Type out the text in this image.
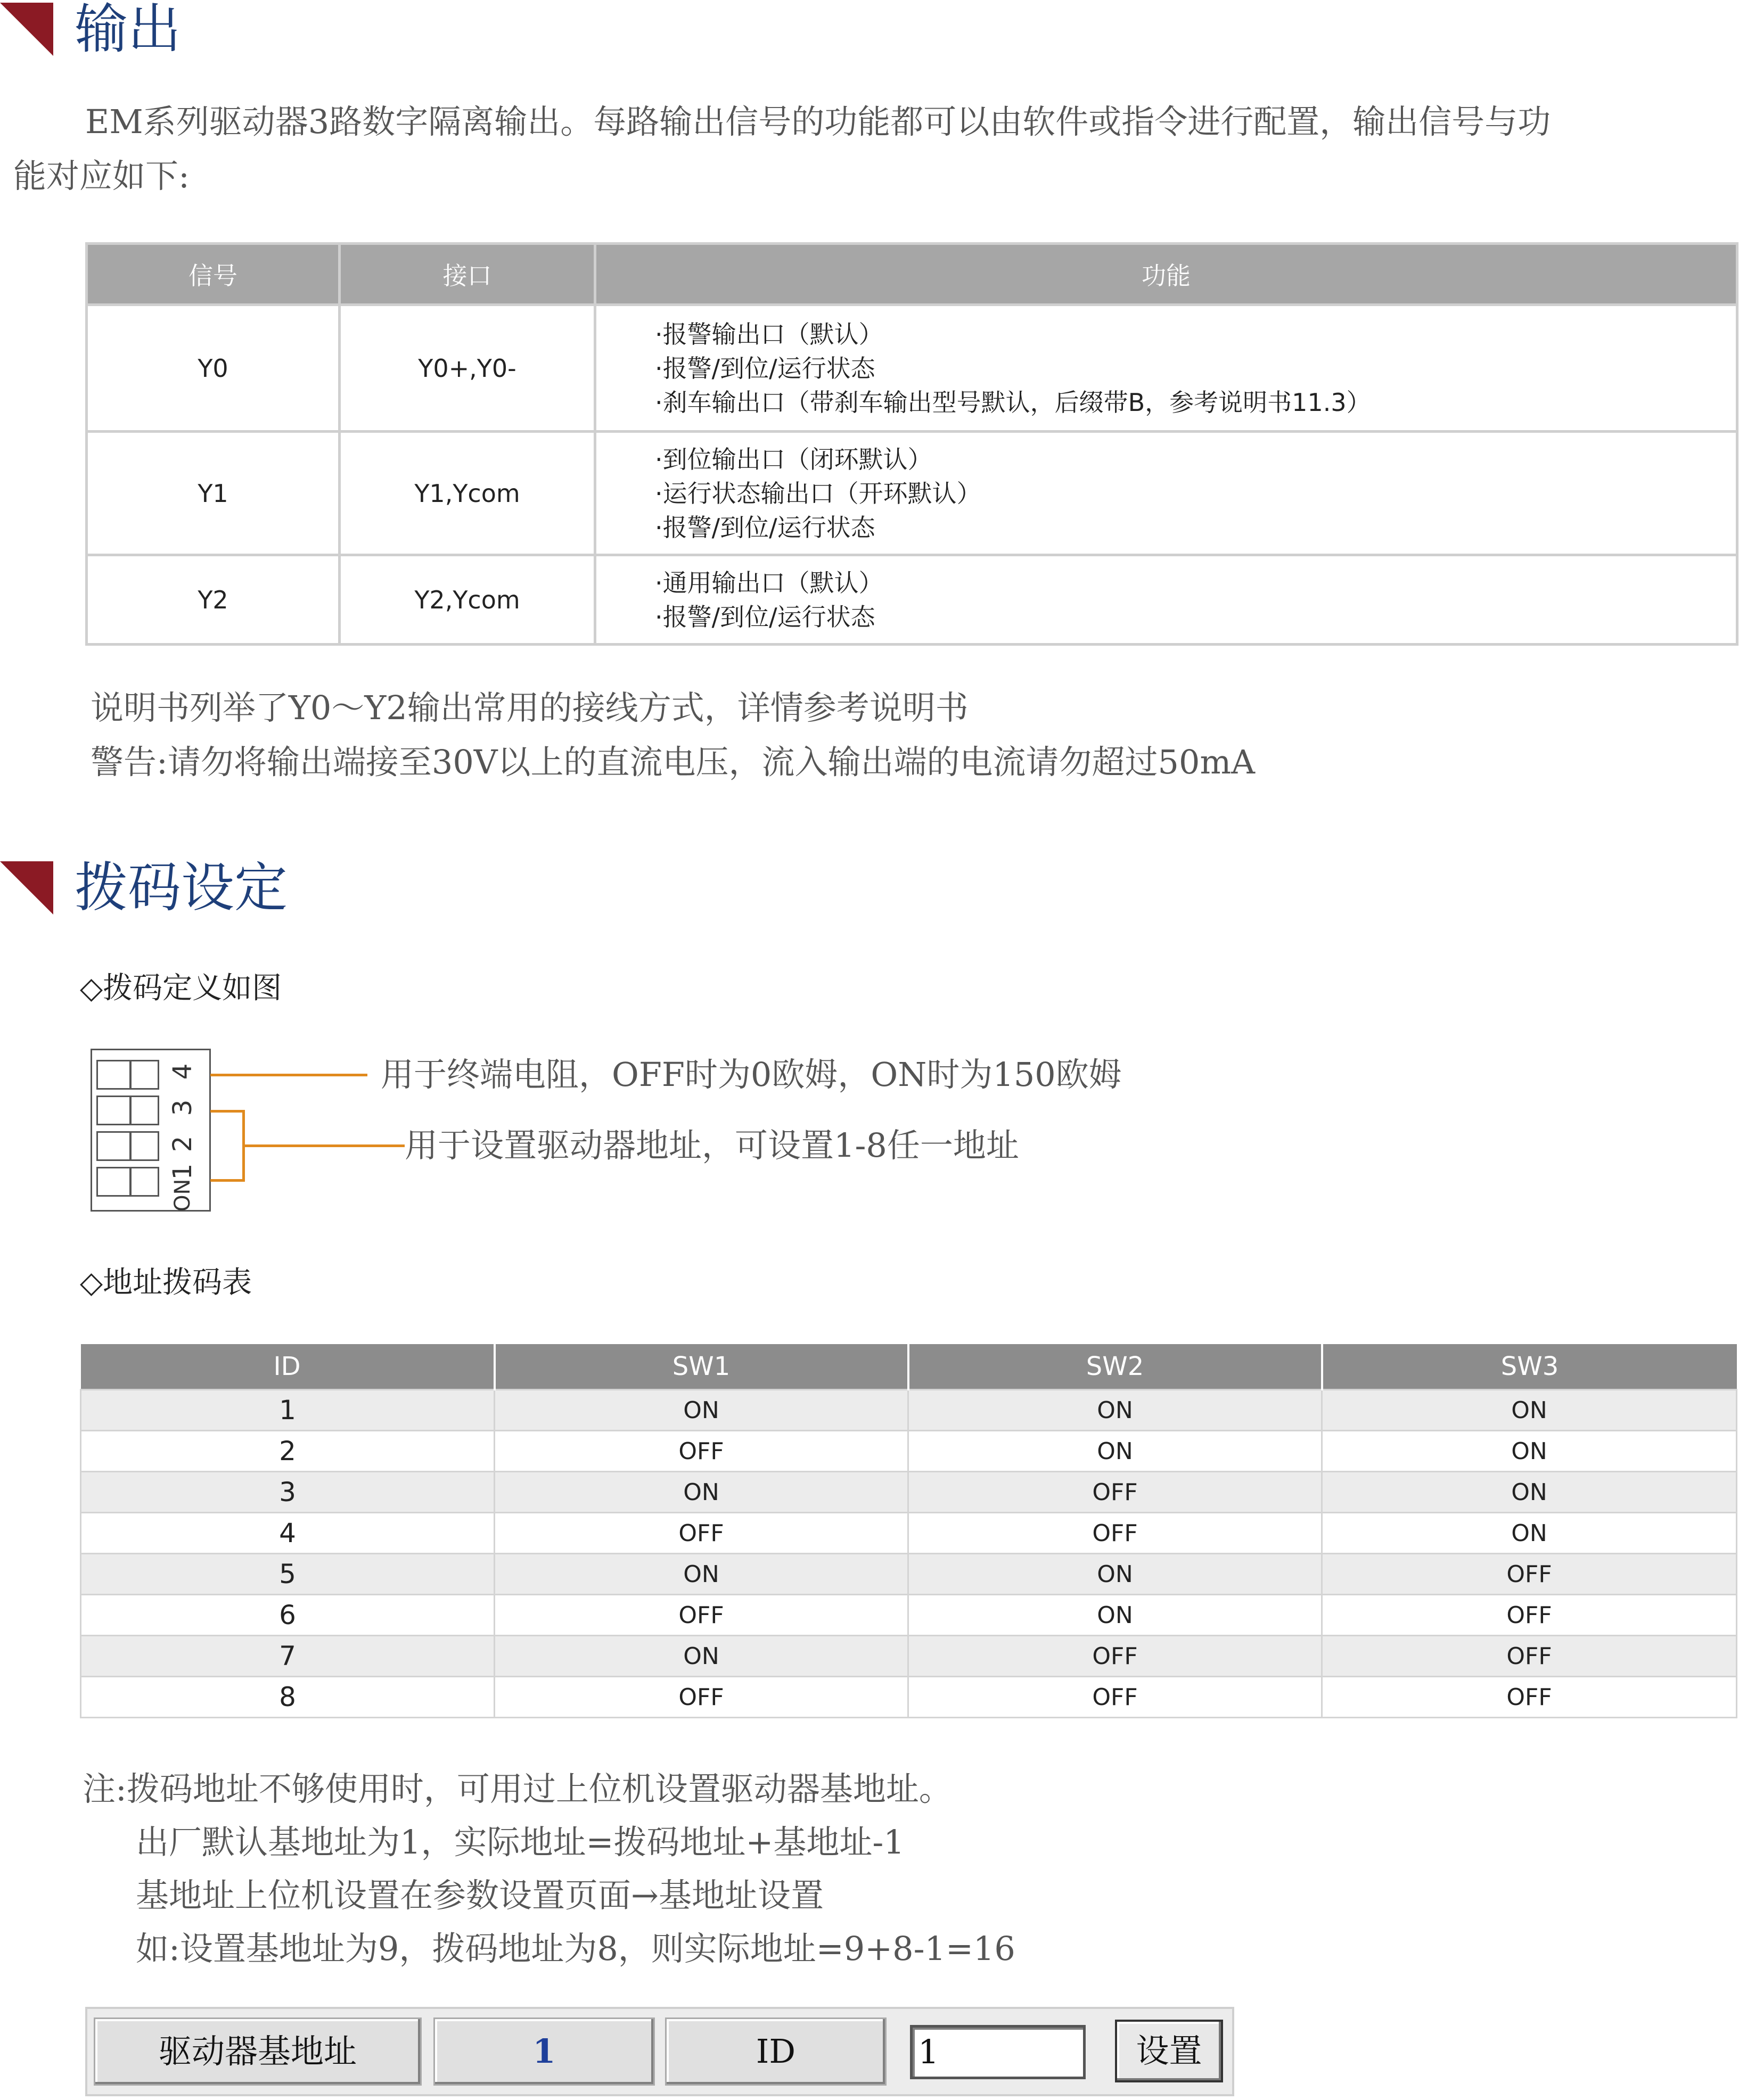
输出
EM系列驱动器3路数字隔离输出。每路输出信号的功能都可以由软件或指令进行配置，输出信号与功
能对应如下:
信号	接口	功能
Y0	Y0+,Y0-	·报警输出口（默认）
·报警/到位/运行状态
·刹车输出口（带刹车输出型号默认，后缀带B，参考说明书11.3）

Y1	Y1,Ycom	·到位输出口（闭环默认）
·运行状态输出口（开环默认）
·报警/到位/运行状态

Y2	Y2,Ycom	·通用输出口（默认）
·报警/到位/运行状态
说明书列举了Y0～Y2输出常用的接线方式，详情参考说明书
警告:请勿将输出端接至30V以上的直流电压，流入输出端的电流请勿超过50mA
拨码设定
◇拨码定义如图
4
3
2
1
ON
用于终端电阻，OFF时为0欧姆，ON时为150欧姆
用于设置驱动器地址，可设置1-8任一地址
◇地址拨码表
ID	SW1	SW2	SW3
1	ON	ON	ON
2	OFF	ON	ON
3	ON	OFF	ON
4	OFF	OFF	ON
5	ON	ON	OFF
6	OFF	ON	OFF
7	ON	OFF	OFF
8	OFF	OFF	OFF
注:拨码地址不够使用时，可用过上位机设置驱动器基地址。
出厂默认基地址为1，实际地址=拨码地址+基地址-1
基地址上位机设置在参数设置页面→基地址设置
如:设置基地址为9，拨码地址为8，则实际地址=9+8-1=16
驱动器基地址	1	ID	1	设置
